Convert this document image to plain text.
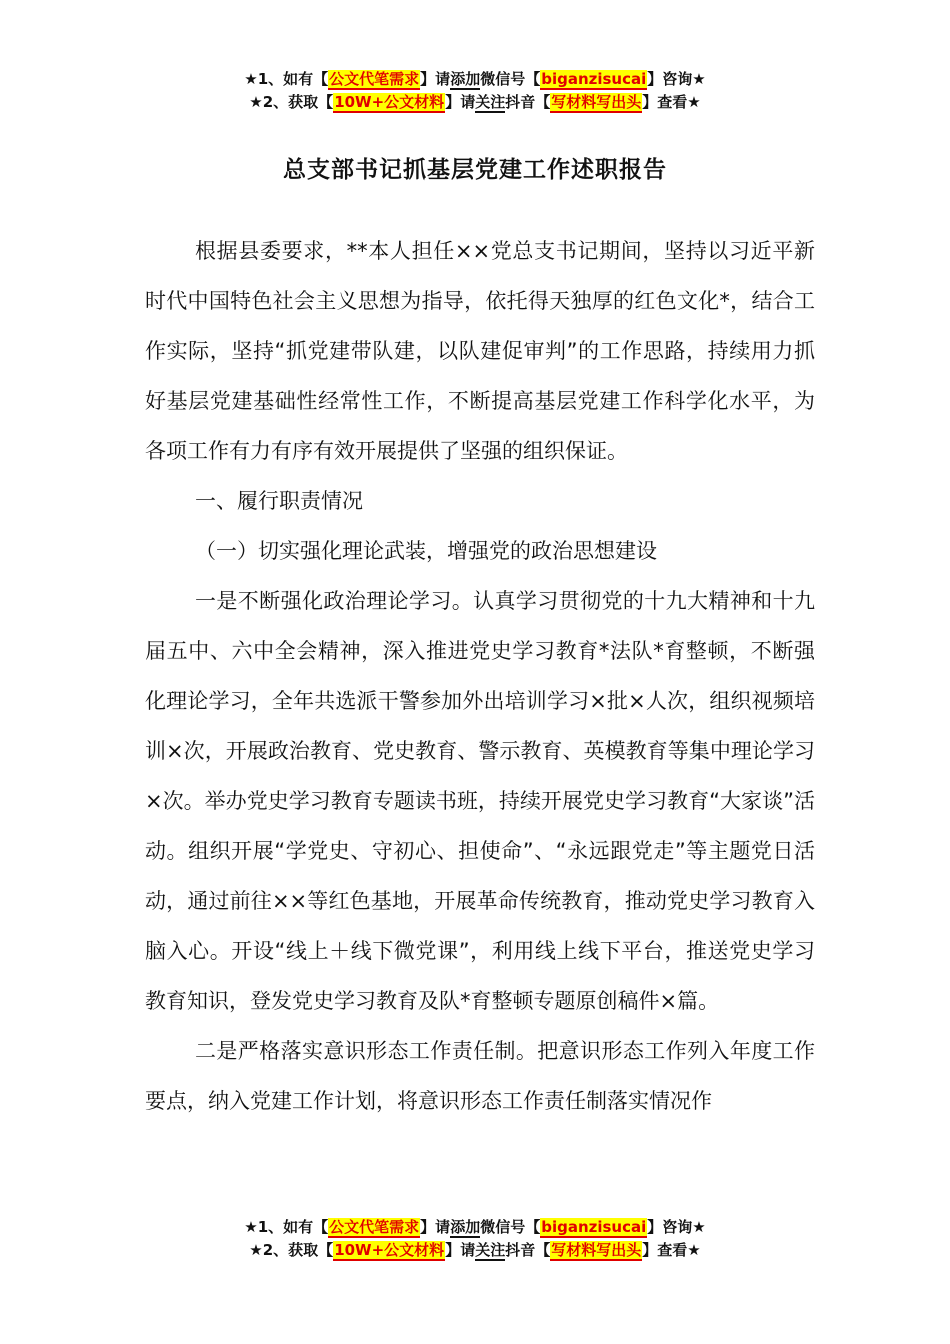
★1、如有【公文代笔需求】请添加微信号【biganzisucai】咨询★
★2、获取【10W+公文材料】请关注抖音【写材料写出头】查看★
总支部书记抓基层党建工作述职报告

根据县委要求，**本人担任××党总支书记期间，坚持以习近平新时代中国特色社会主义思想为指导，依托得天独厚的红色文化*，结合工作实际，坚持“抓党建带队建，以队建促审判”的工作思路，持续用力抓好基层党建基础性经常性工作，不断提高基层党建工作科学化水平，为各项工作有力有序有效开展提供了坚强的组织保证。

一、履行职责情况

（一）切实强化理论武装，增强党的政治思想建设

一是不断强化政治理论学习。认真学习贯彻党的十九大精神和十九届五中、六中全会精神，深入推进党史学习教育*法队*育整顿，不断强化理论学习，全年共选派干警参加外出培训学习×批×人次，组织视频培训×次，开展政治教育、党史教育、警示教育、英模教育等集中理论学习×次。举办党史学习教育专题读书班，持续开展党史学习教育“大家谈”活动。组织开展“学党史、守初心、担使命”、“永远跟党走”等主题党日活动，通过前往××等红色基地，开展革命传统教育，推动党史学习教育入脑入心。开设“线上＋线下微党课”，利用线上线下平台，推送党史学习教育知识，登发党史学习教育及队*育整顿专题原创稿件×篇。

二是严格落实意识形态工作责任制。把意识形态工作列入年度工作要点，纳入党建工作计划，将意识形态工作责任制落实情况作

★1、如有【公文代笔需求】请添加微信号【biganzisucai】咨询★
★2、获取【10W+公文材料】请关注抖音【写材料写出头】查看★
